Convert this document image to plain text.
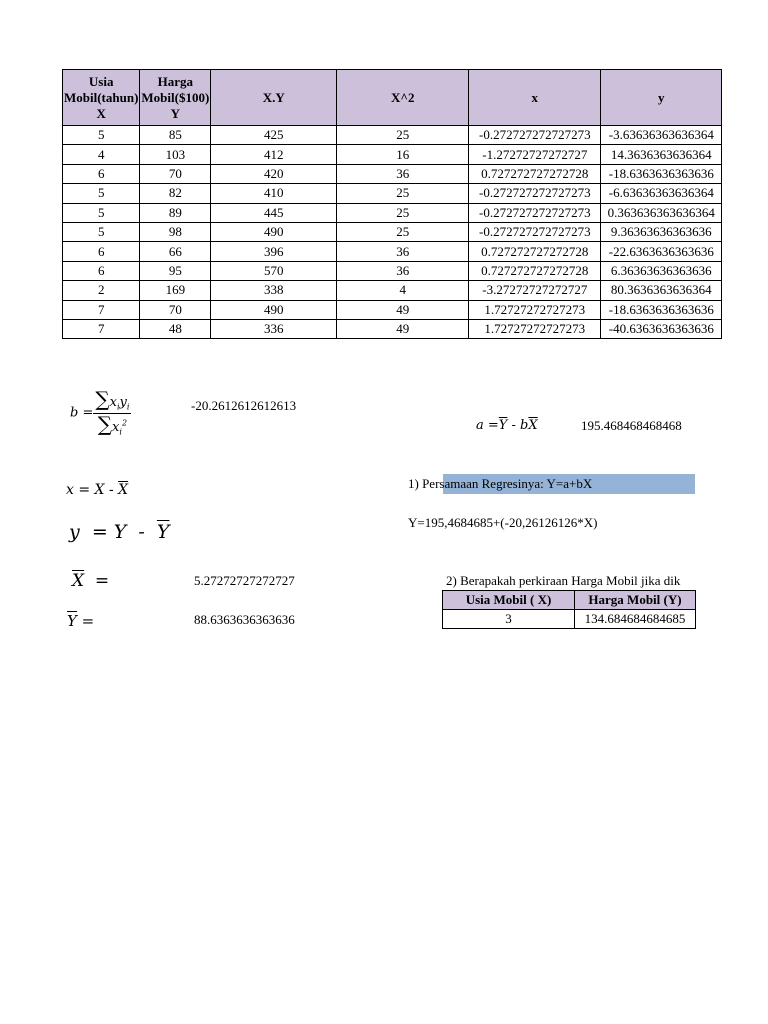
Usia Mobil(tahun) X	Harga Mobil($100) Y	X.Y	X^2	x	y
5	85	425	25	-0.272727272727273	-3.63636363636364
4	103	412	16	-1.27272727272727	14.3636363636364
6	70	420	36	0.727272727272728	-18.6363636363636
5	82	410	25	-0.272727272727273	-6.63636363636364
5	89	445	25	-0.272727272727273	0.363636363636364
5	98	490	25	-0.272727272727273	9.36363636363636
6	66	396	36	0.727272727272728	-22.6363636363636
6	95	570	36	0.727272727272728	6.36363636363636
2	169	338	4	-3.27272727272727	80.3636363636364
7	70	490	49	1.72727272727273	-18.6363636363636
7	48	336	49	1.72727272727273	-40.6363636363636
$b = \frac{\sum x_iy_i}{\sum x_i^2}$	-20.2612612612613
$a =\overline{Y} - b\overline{X}$	195.468468468468
$x = X - \overline{X}$
$y = Y - \overline{Y}$
$\overline{X}$  =	5.27272727272727
$\overline{Y}$ =	88.6363636363636
1) Persamaan Regresinya: Y=a+bX
Y=195,4684685+(-20,26126126*X)
2) Berapakah perkiraan Harga Mobil jika dik
Usia Mobil ( X)	Harga Mobil (Y)
3	134.684684684685
